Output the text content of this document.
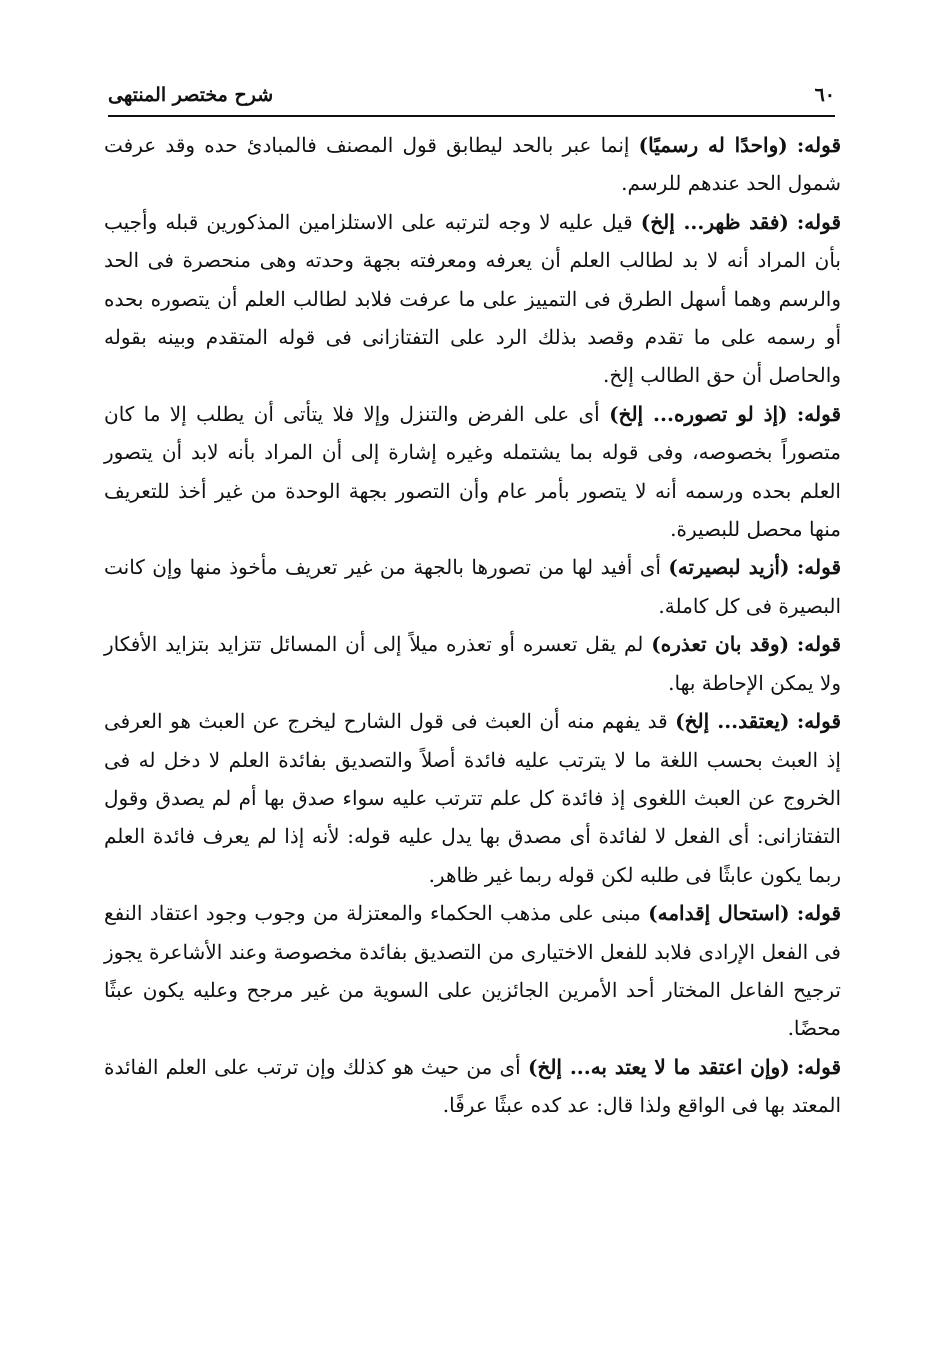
٦٠
شرح مختصر المنتهى

قوله: (واحدًا له رسميًا) إنما عبر بالحد ليطابق قول المصنف فالمبادئ حده وقد عرفت شمول الحد عندهم للرسم.

قوله: (فقد ظهر... إلخ) قيل عليه لا وجه لترتبه على الاستلزامين المذكورين قبله وأجيب بأن المراد أنه لا بد لطالب العلم أن يعرفه ومعرفته بجهة وحدته وهى منحصرة فى الحد والرسم وهما أسهل الطرق فى التمييز على ما عرفت فلابد لطالب العلم أن يتصوره بحده أو رسمه على ما تقدم وقصد بذلك الرد على التفتازانى فى قوله المتقدم وبينه بقوله والحاصل أن حق الطالب إلخ.

قوله: (إذ لو تصوره... إلخ) أى على الفرض والتنزل وإلا فلا يتأتى أن يطلب إلا ما كان متصوراً بخصوصه، وفى قوله بما يشتمله وغيره إشارة إلى أن المراد بأنه لابد أن يتصور العلم بحده ورسمه أنه لا يتصور بأمر عام وأن التصور بجهة الوحدة من غير أخذ للتعريف منها محصل للبصيرة.

قوله: (أزيد لبصيرته) أى أفيد لها من تصورها بالجهة من غير تعريف مأخوذ منها وإن كانت البصيرة فى كل كاملة.

قوله: (وقد بان تعذره) لم يقل تعسره أو تعذره ميلاً إلى أن المسائل تتزايد بتزايد الأفكار ولا يمكن الإحاطة بها.

قوله: (يعتقد... إلخ) قد يفهم منه أن العبث فى قول الشارح ليخرج عن العبث هو العرفى إذ العبث بحسب اللغة ما لا يترتب عليه فائدة أصلاً والتصديق بفائدة العلم لا دخل له فى الخروج عن العبث اللغوى إذ فائدة كل علم تترتب عليه سواء صدق بها أم لم يصدق وقول التفتازانى: أى الفعل لا لفائدة أى مصدق بها يدل عليه قوله: لأنه إذا لم يعرف فائدة العلم ربما يكون عابثًا فى طلبه لكن قوله ربما غير ظاهر.

قوله: (استحال إقدامه) مبنى على مذهب الحكماء والمعتزلة من وجوب وجود اعتقاد النفع فى الفعل الإرادى فلابد للفعل الاختيارى من التصديق بفائدة مخصوصة وعند الأشاعرة يجوز ترجيح الفاعل المختار أحد الأمرين الجائزين على السوية من غير مرجح وعليه يكون عبثًا محضًا.

قوله: (وإن اعتقد ما لا يعتد به... إلخ) أى من حيث هو كذلك وإن ترتب على العلم الفائدة المعتد بها فى الواقع ولذا قال: عد كده عبثًا عرفًا.
